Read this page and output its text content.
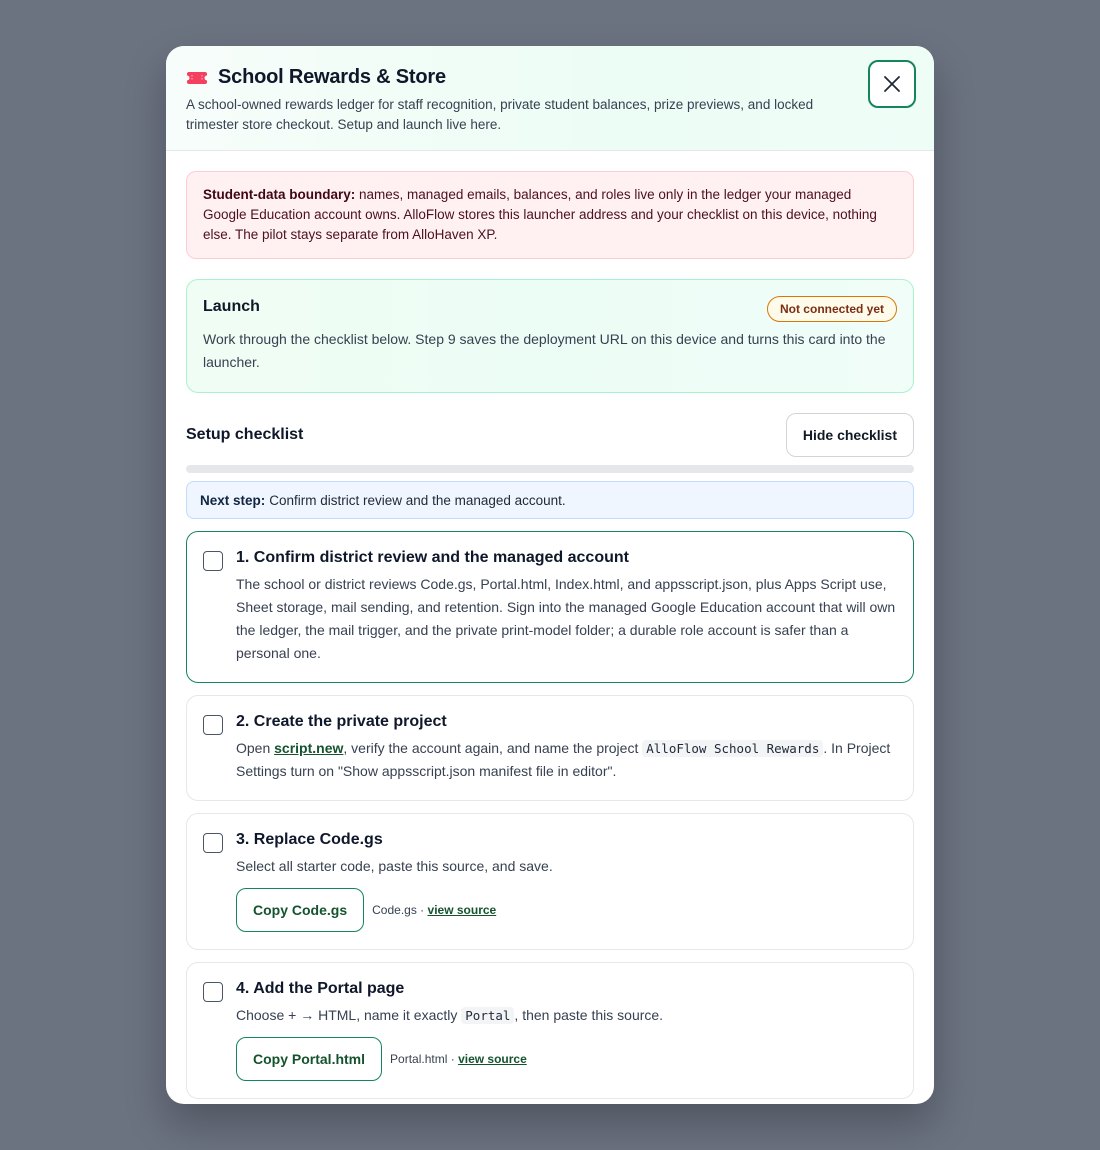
School Rewards & Store

A school-owned rewards ledger for staff recognition, private student balances, prize previews, and locked trimester store checkout. Setup and launch live here.

Student-data boundary: names, managed emails, balances, and roles live only in the ledger your managed Google Education account owns. AlloFlow stores this launcher address and your checklist on this device, nothing else. The pilot stays separate from AlloHaven XP.
Launch	Not connected yet

Work through the checklist below. Step 9 saves the deployment URL on this device and turns this card into the launcher.

Setup checklist	Hide checklist
Next step: Confirm district review and the managed account.
1. Confirm district review and the managed account

The school or district reviews Code.gs, Portal.html, Index.html, and appsscript.json, plus Apps Script use, Sheet storage, mail sending, and retention. Sign into the managed Google Education account that will own the ledger, the mail trigger, and the private print-model folder; a durable role account is safer than a personal one.

2. Create the private project

Open script.new, verify the account again, and name the project AlloFlow School Rewards . In Project Settings turn on "Show appsscript.json manifest file in editor".

3. Replace Code.gs

Select all starter code, paste this source, and save.

Copy Code.gs	Code.gs · view source
4. Add the Portal page

Choose + → HTML, name it exactly Portal , then paste this source.

Copy Portal.html	Portal.html · view source
